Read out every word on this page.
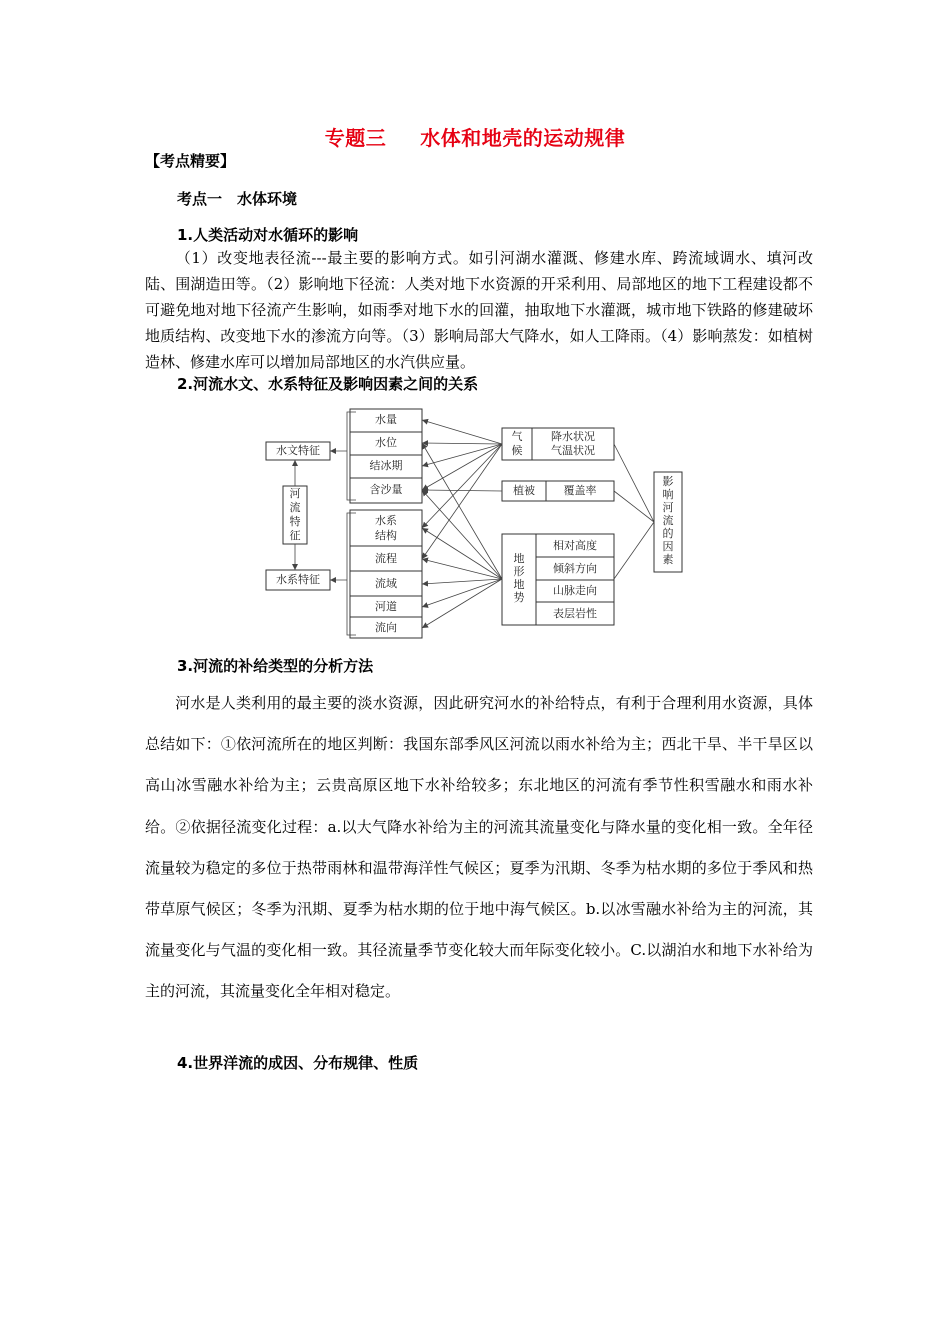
专题三 水体和地壳的运动规律
【考点精要】
考点一　水体环境
1.人类活动对水循环的影响
（1）改变地表径流---最主要的影响方式。如引河湖水灌溉、修建水库、跨流域调水、填河改陆、围湖造田等。（2）影响地下径流：人类对地下水资源的开采利用、局部地区的地下工程建设都不可避免地对地下径流产生影响，如雨季对地下水的回灌，抽取地下水灌溉，城市地下铁路的修建破坏地质结构、改变地下水的渗流方向等。（3）影响局部大气降水，如人工降雨。（4）影响蒸发：如植树造林、修建水库可以增加局部地区的水汽供应量。
2.河流水文、水系特征及影响因素之间的关系
水文特征
水系特征
河
流
特
征
水量
水位
结冰期
含沙量
水系
结构
流程
流域
河道
流向
气
候
降水状况
气温状况
植被	覆盖率
地
形
地
势
相对高度
倾斜方向
山脉走向
表层岩性
影
响
河
流
的
因
素
3.河流的补给类型的分析方法
河水是人类利用的最主要的淡水资源，因此研究河水的补给特点，有利于合理利用水资源，具体总结如下：①依河流所在的地区判断：我国东部季风区河流以雨水补给为主；西北干旱、半干旱区以高山冰雪融水补给为主；云贵高原区地下水补给较多；东北地区的河流有季节性积雪融水和雨水补给。②依据径流变化过程：a.以大气降水补给为主的河流其流量变化与降水量的变化相一致。全年径流量较为稳定的多位于热带雨林和温带海洋性气候区；夏季为汛期、冬季为枯水期的多位于季风和热带草原气候区；冬季为汛期、夏季为枯水期的位于地中海气候区。b.以冰雪融水补给为主的河流，其流量变化与气温的变化相一致。其径流量季节变化较大而年际变化较小。C.以湖泊水和地下水补给为主的河流，其流量变化全年相对稳定。
4.世界洋流的成因、分布规律、性质
